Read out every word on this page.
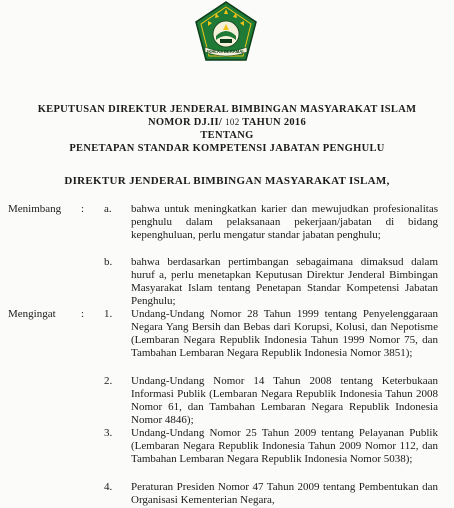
IKHLAS BERAMAL
KEPUTUSAN DIREKTUR JENDERAL BIMBINGAN MASYARAKAT ISLAM
NOMOR DJ.II/ 102 TAHUN 2016
TENTANG
PENETAPAN STANDAR KOMPETENSI JABATAN PENGHULU
DIREKTUR JENDERAL BIMBINGAN MASYARAKAT ISLAM,
Menimbang : a. bahwa untuk meningkatkan karier dan mewujudkan profesionalitas penghulu dalam pelaksanaan pekerjaan/jabatan di bidang kepenghuluan, perlu mengatur standar jabatan penghulu;
b. bahwa berdasarkan pertimbangan sebagaimana dimaksud dalam huruf a, perlu menetapkan Keputusan Direktur Jenderal Bimbingan Masyarakat Islam tentang Penetapan Standar Kompetensi Jabatan Penghulu;
Mengingat : 1. Undang-Undang Nomor 28 Tahun 1999 tentang Penyelenggaraan Negara Yang Bersih dan Bebas dari Korupsi, Kolusi, dan Nepotisme (Lembaran Negara Republik Indonesia Tahun 1999 Nomor 75, dan Tambahan Lembaran Negara Republik Indonesia Nomor 3851);
2. Undang-Undang Nomor 14 Tahun 2008 tentang Keterbukaan Informasi Publik (Lembaran Negara Republik Indonesia Tahun 2008 Nomor 61, dan Tambahan Lembaran Negara Republik Indonesia Nomor 4846);
3. Undang-Undang Nomor 25 Tahun 2009 tentang Pelayanan Publik (Lembaran Negara Republik Indonesia Tahun 2009 Nomor 112, dan Tambahan Lembaran Negara Republik Indonesia Nomor 5038);
4. Peraturan Presiden Nomor 47 Tahun 2009 tentang Pembentukan dan Organisasi Kementerian Negara,
